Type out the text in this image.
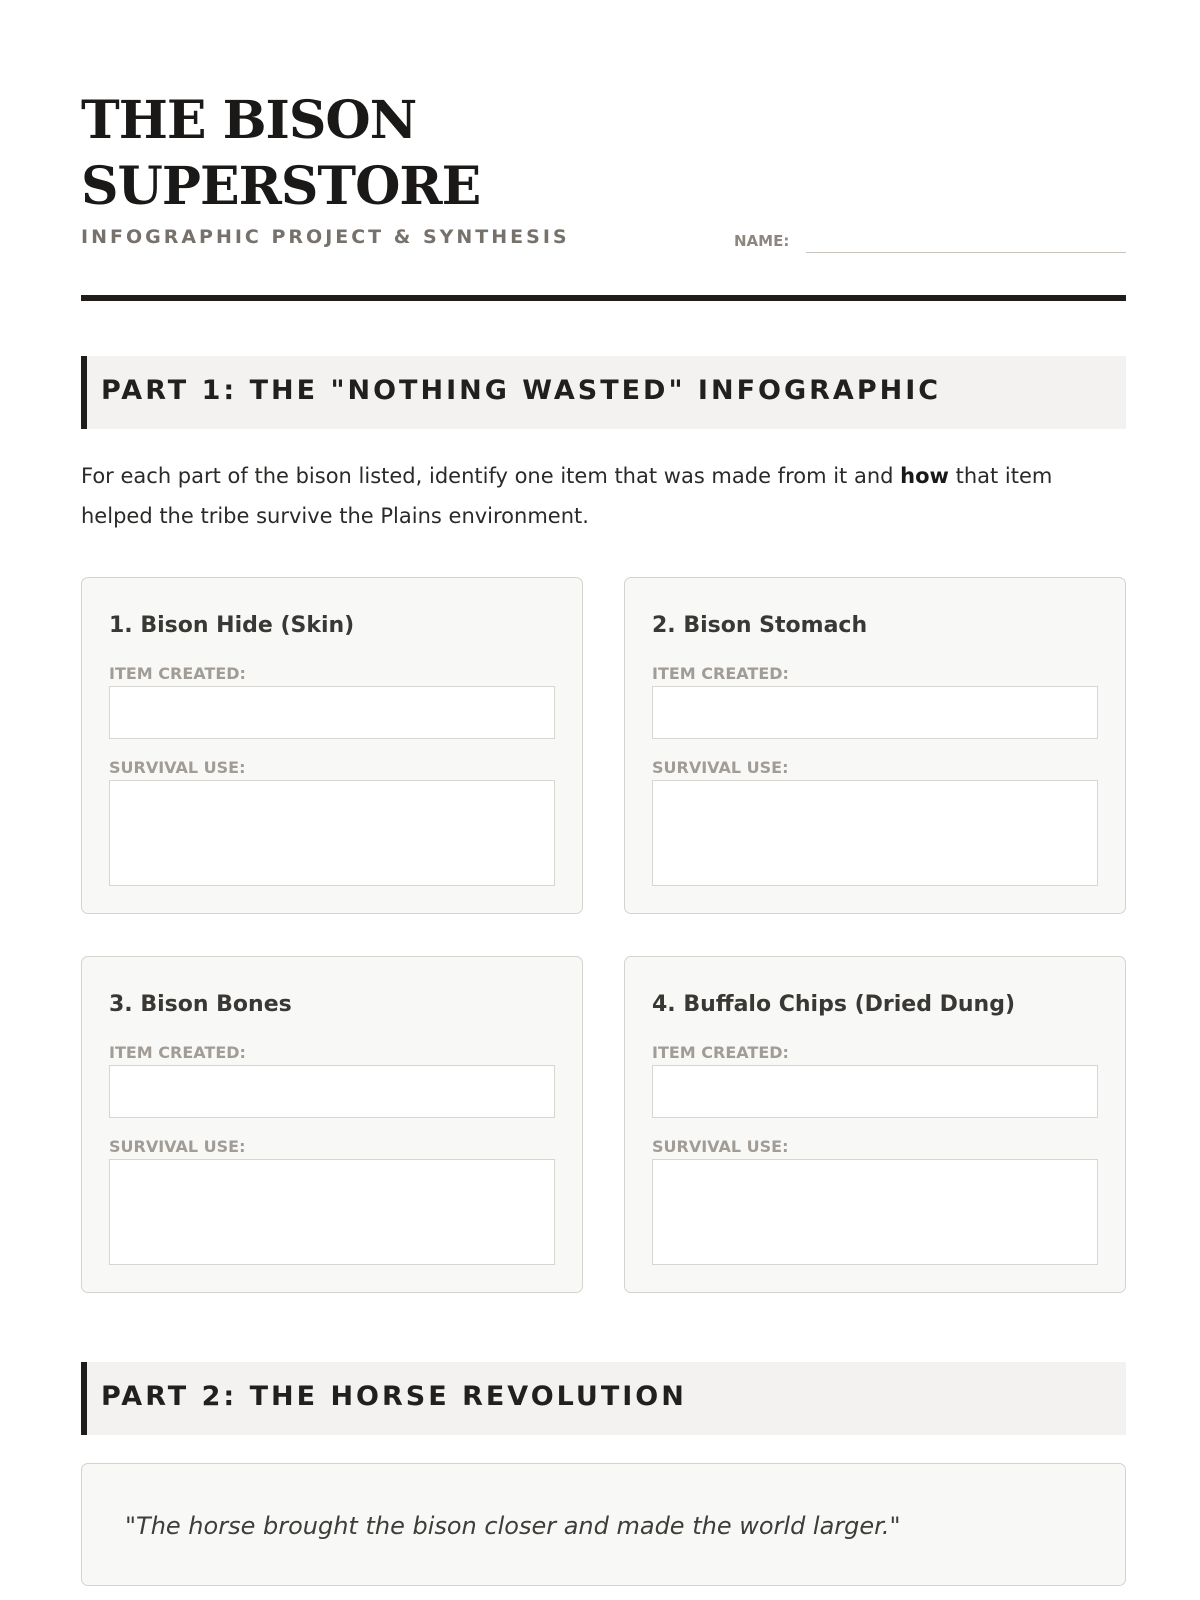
THE BISON
SUPERSTORE
INFOGRAPHIC PROJECT & SYNTHESIS	NAME:
PART 1: THE "NOTHING WASTED" INFOGRAPHIC

For each part of the bison listed, identify one item that was made from it and how that item helped the tribe survive the Plains environment.

1. Bison Hide (Skin)
ITEM CREATED:
SURVIVAL USE:
2. Bison Stomach
ITEM CREATED:
SURVIVAL USE:
3. Bison Bones
ITEM CREATED:
SURVIVAL USE:
4. Buffalo Chips (Dried Dung)
ITEM CREATED:
SURVIVAL USE:
PART 2: THE HORSE REVOLUTION
"The horse brought the bison closer and made the world larger."
